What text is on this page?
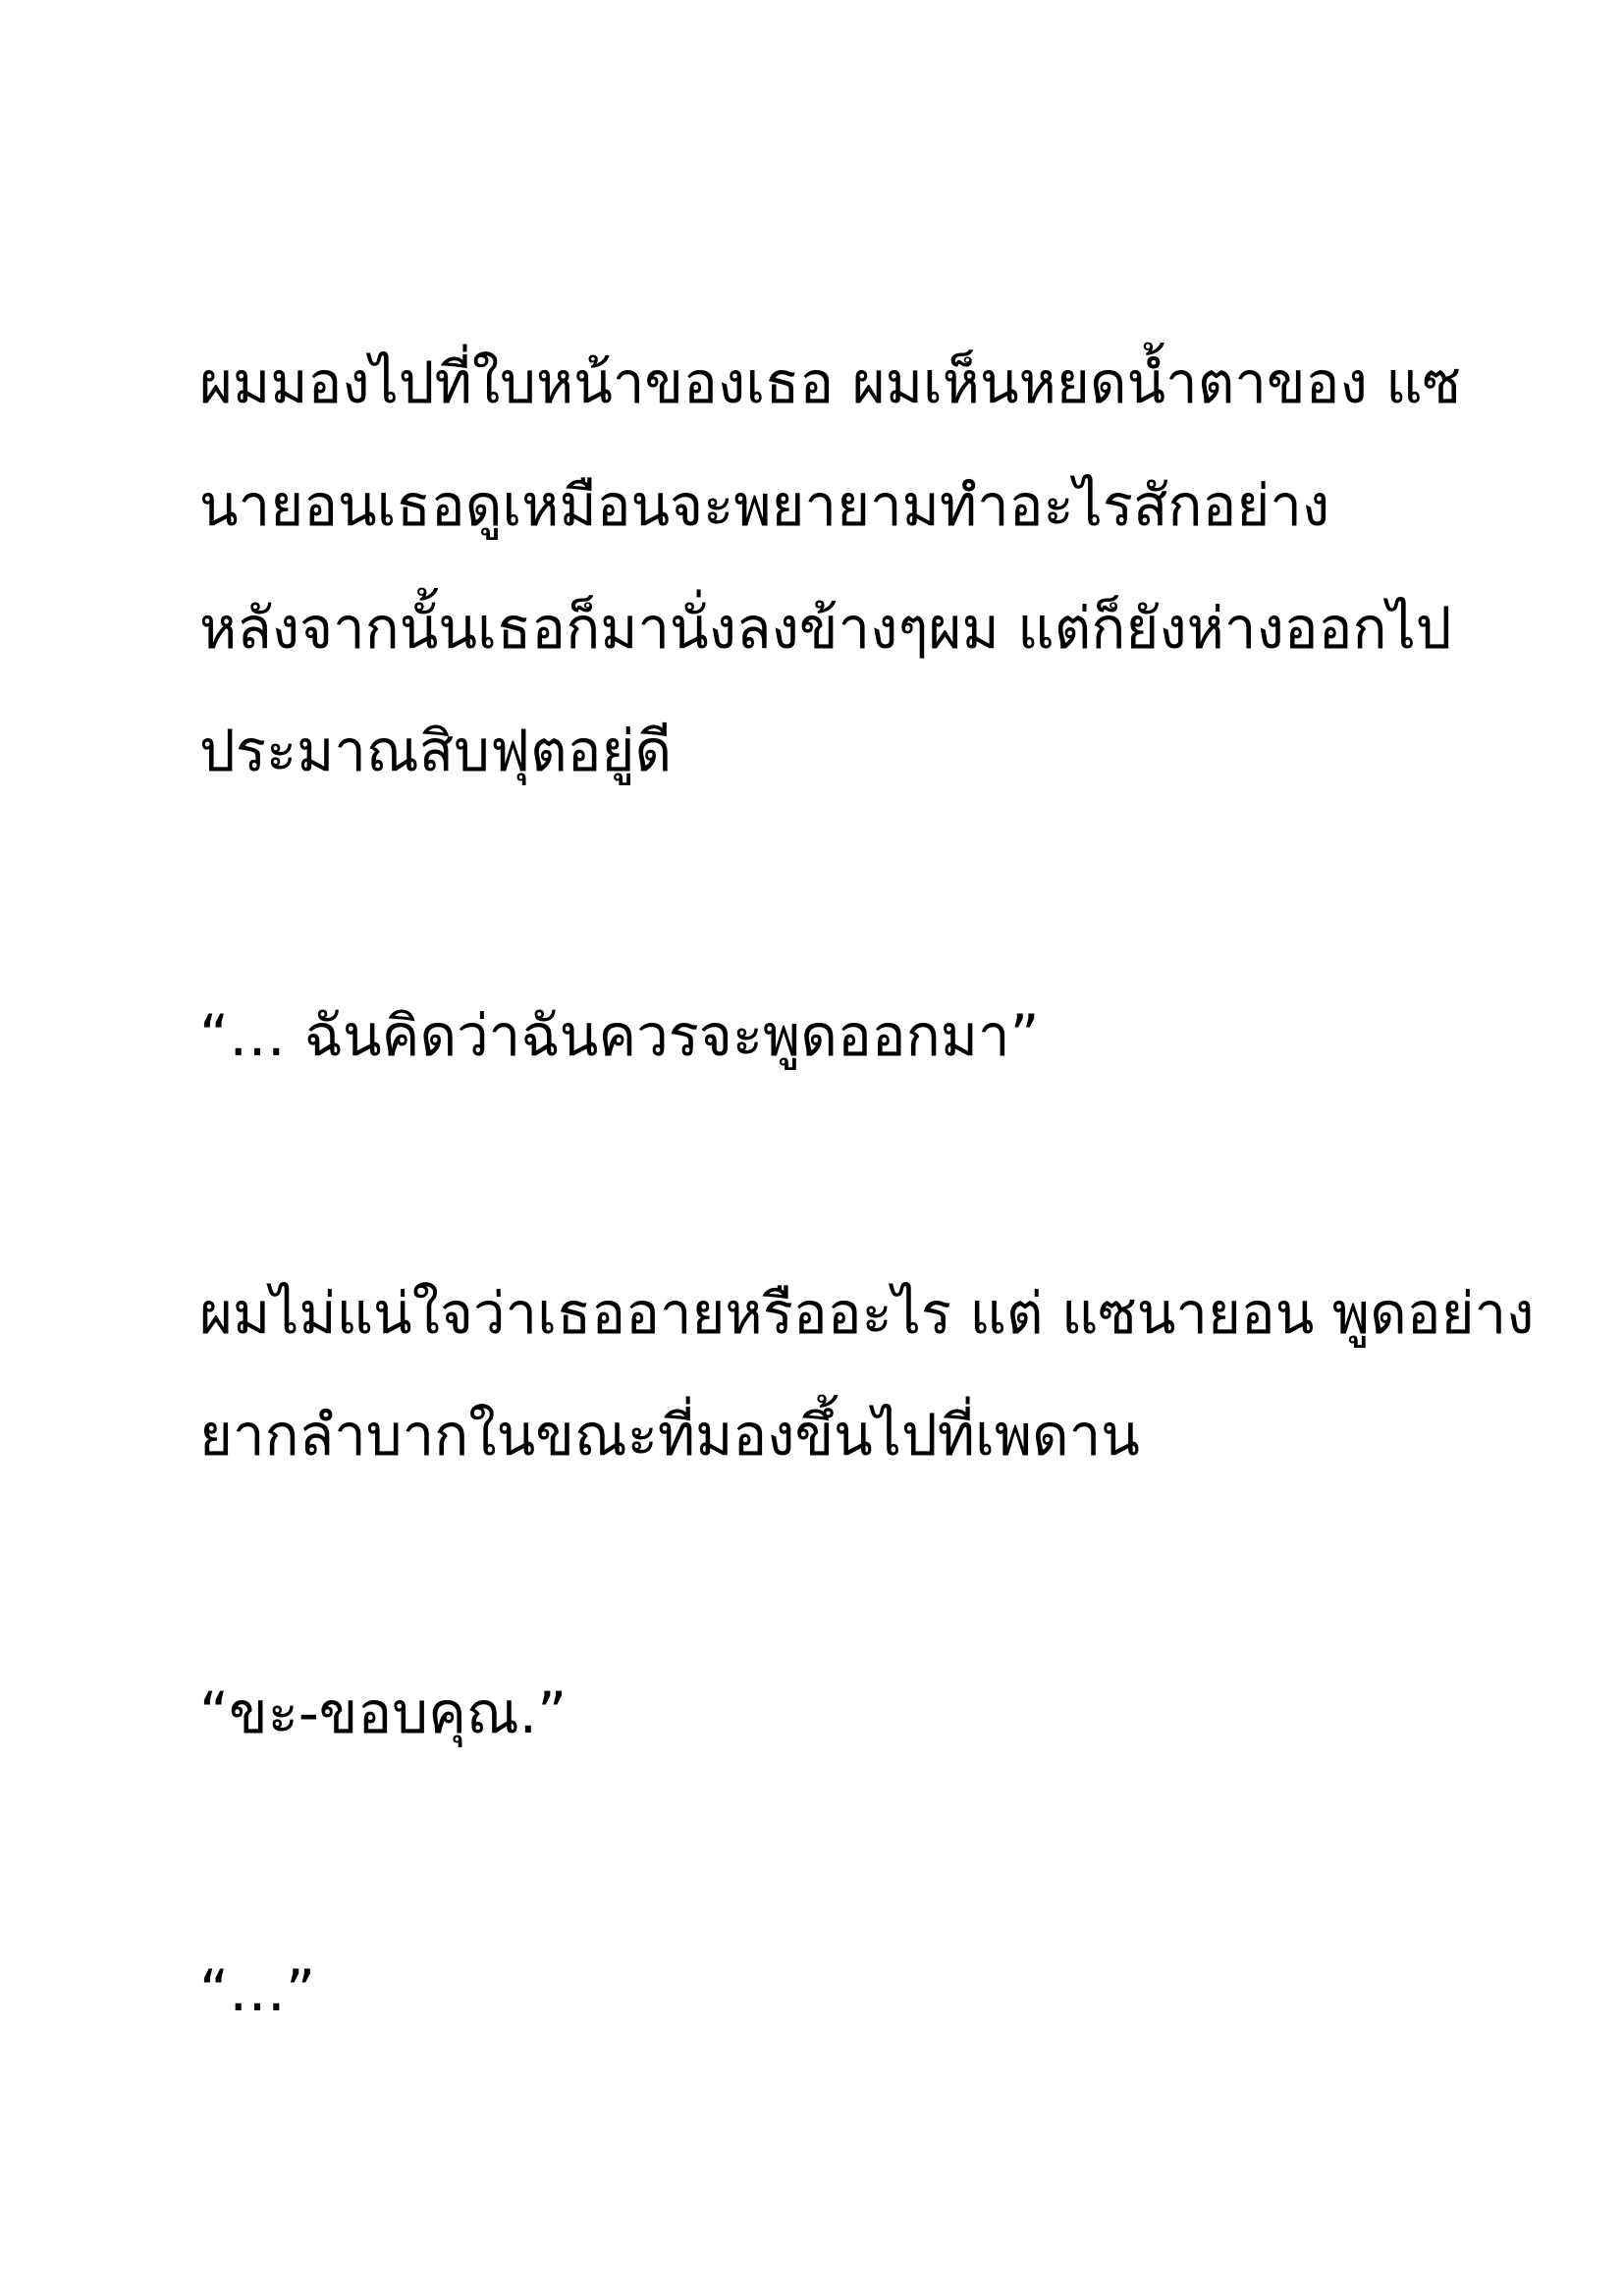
ผมมองไปที่ใบหน้าของเธอ ผมเห็นหยดน้ำตาของ แซ

นายอนเธอดูเหมือนจะพยายามทำอะไรสักอย่าง

หลังจากนั้นเธอก็มานั่งลงข้างๆผม แต่ก็ยังห่างออกไป

ประมาณสิบฟุตอยู่ดี

“… ฉันคิดว่าฉันควรจะพูดออกมา”

ผมไม่แน่ใจว่าเธออายหรืออะไร แต่ แซนายอน พูดอย่าง

ยากลำบากในขณะที่มองขึ้นไปที่เพดาน

“ขะ-ขอบคุณ.”

“…”
